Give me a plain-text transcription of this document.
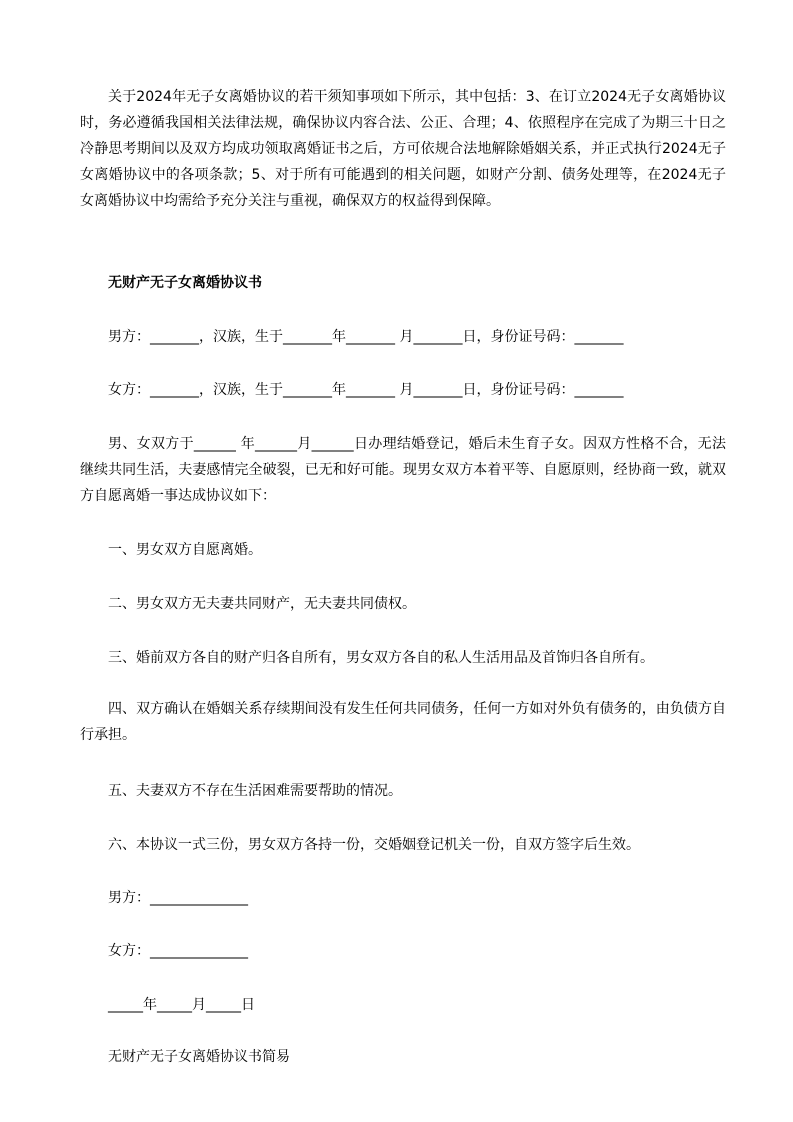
关于2024年无子女离婚协议的若干须知事项如下所示，其中包括：3、在订立2024无子女离婚协议时，务必遵循我国相关法律法规，确保协议内容合法、公正、合理；4、依照程序在完成了为期三十日之冷静思考期间以及双方均成功领取离婚证书之后，方可依规合法地解除婚姻关系，并正式执行2024无子女离婚协议中的各项条款；5、对于所有可能遇到的相关问题，如财产分割、债务处理等，在2024无子女离婚协议中均需给予充分关注与重视，确保双方的权益得到保障。

无财产无子女离婚协议书

男方：_______，汉族，生于_______年_______ 月_______日，身份证号码：_______

女方：_______，汉族，生于_______年_______ 月_______日，身份证号码：_______

男、女双方于______ 年______月______日办理结婚登记，婚后未生育子女。因双方性格不合，无法继续共同生活，夫妻感情完全破裂，已无和好可能。现男女双方本着平等、自愿原则，经协商一致，就双方自愿离婚一事达成协议如下：

一、男女双方自愿离婚。

二、男女双方无夫妻共同财产，无夫妻共同债权。

三、婚前双方各自的财产归各自所有，男女双方各自的私人生活用品及首饰归各自所有。

四、双方确认在婚姻关系存续期间没有发生任何共同债务，任何一方如对外负有债务的，由负债方自行承担。

五、夫妻双方不存在生活困难需要帮助的情况。

六、本协议一式三份，男女双方各持一份，交婚姻登记机关一份，自双方签字后生效。

男方：______________

女方：______________

_____年_____月_____日

无财产无子女离婚协议书简易
